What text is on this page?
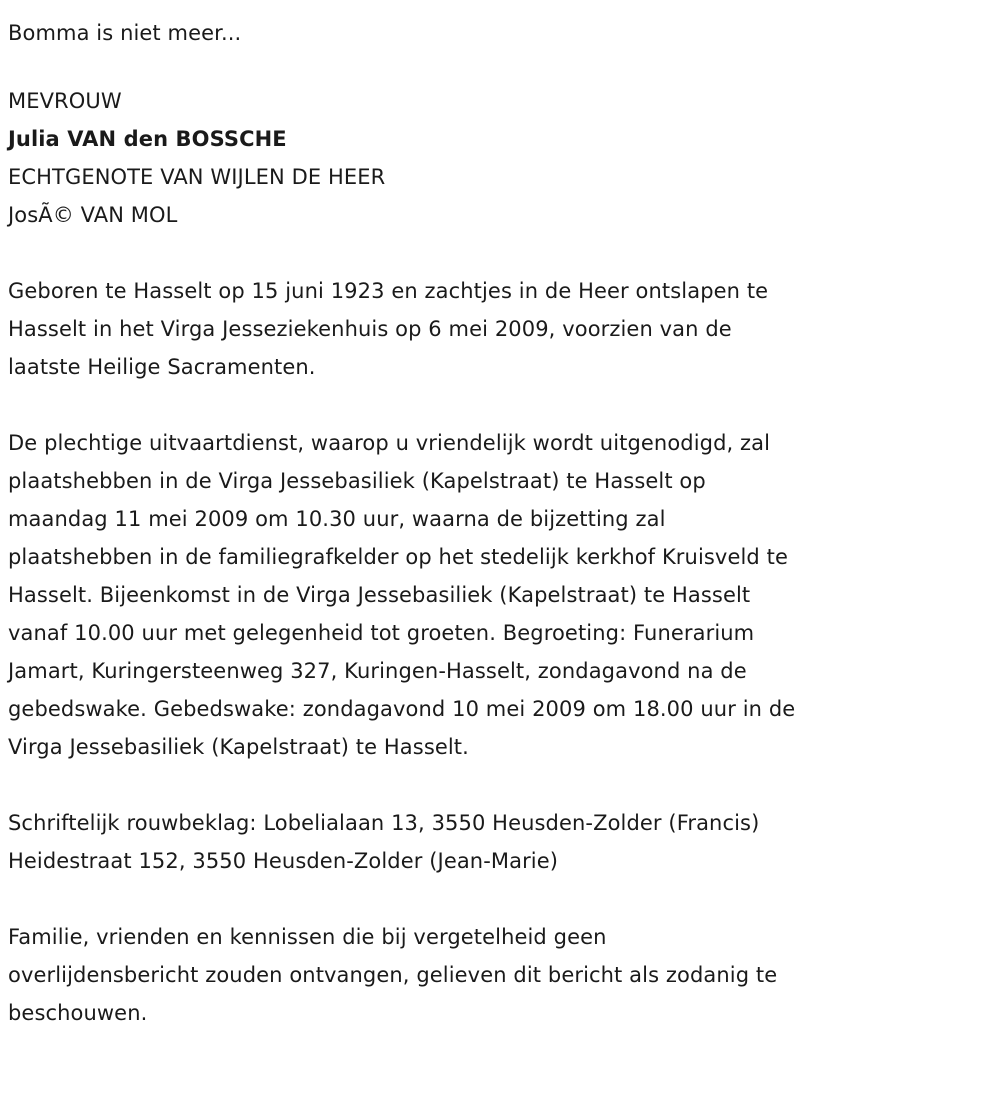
Bomma is niet meer...
MEVROUW
Julia VAN den BOSSCHE
ECHTGENOTE VAN WIJLEN DE HEER
JosÃ© VAN MOL
Geboren te Hasselt op 15 juni 1923 en zachtjes in de Heer ontslapen te
Hasselt in het Virga Jesseziekenhuis op 6 mei 2009, voorzien van de
laatste Heilige Sacramenten.
De plechtige uitvaartdienst, waarop u vriendelijk wordt uitgenodigd, zal
plaatshebben in de Virga Jessebasiliek (Kapelstraat) te Hasselt op
maandag 11 mei 2009 om 10.30 uur, waarna de bijzetting zal
plaatshebben in de familiegrafkelder op het stedelijk kerkhof Kruisveld te
Hasselt. Bijeenkomst in de Virga Jessebasiliek (Kapelstraat) te Hasselt
vanaf 10.00 uur met gelegenheid tot groeten. Begroeting: Funerarium
Jamart, Kuringersteenweg 327, Kuringen-Hasselt, zondagavond na de
gebedswake. Gebedswake: zondagavond 10 mei 2009 om 18.00 uur in de
Virga Jessebasiliek (Kapelstraat) te Hasselt.
Schriftelijk rouwbeklag: Lobelialaan 13, 3550 Heusden-Zolder (Francis)
Heidestraat 152, 3550 Heusden-Zolder (Jean-Marie)
Familie, vrienden en kennissen die bij vergetelheid geen
overlijdensbericht zouden ontvangen, gelieven dit bericht als zodanig te
beschouwen.
